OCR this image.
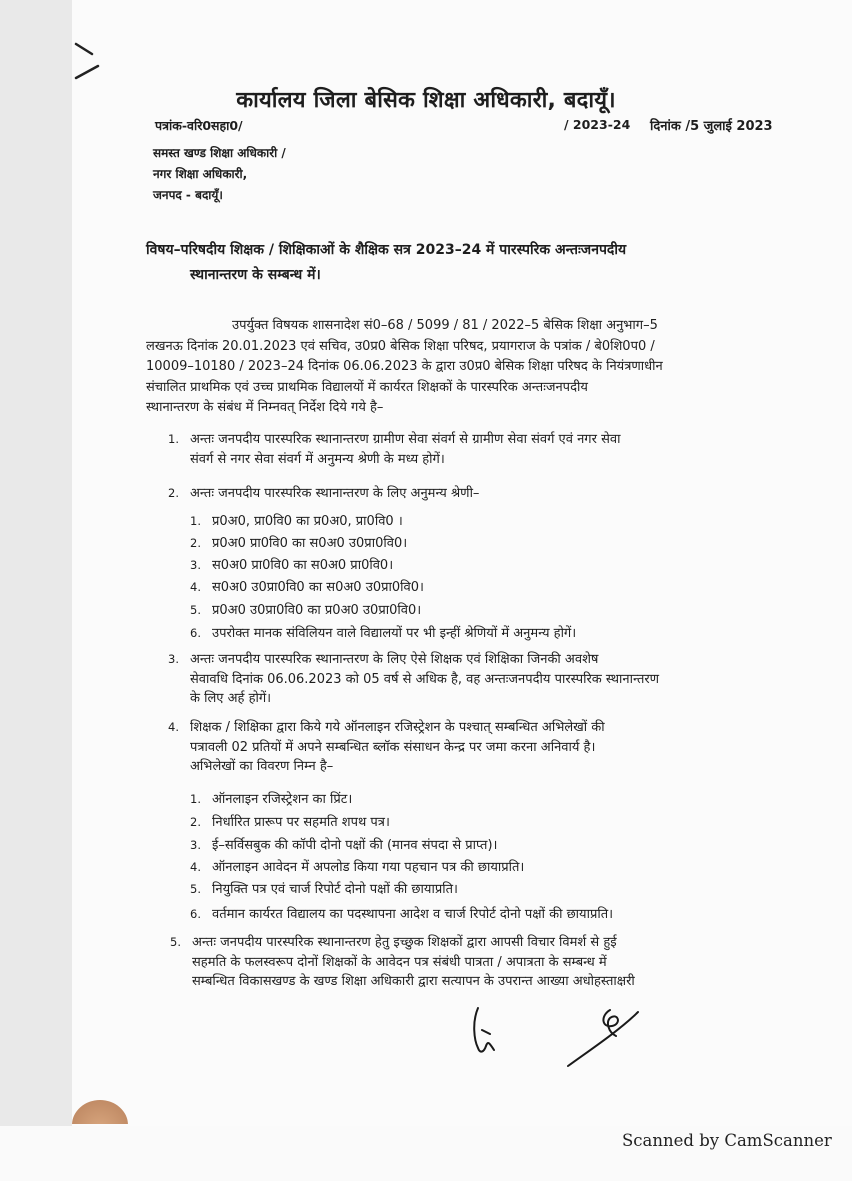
कार्यालय जिला बेसिक शिक्षा अधिकारी, बदायूँ।
पत्रांक-वरि0सहा0/	/ 2023-24 दिनांक /5 जुलाई 2023
समस्त खण्ड शिक्षा अधिकारी /
नगर शिक्षा अधिकारी,
जनपद - बदायूँ।
विषय–परिषदीय शिक्षक / शिक्षिकाओं के शैक्षिक सत्र 2023–24 में पारस्परिक अन्तःजनपदीय
स्थानान्तरण के सम्बन्ध में।
उपर्युक्त विषयक शासनादेश सं0–68 / 5099 / 81 / 2022–5 बेसिक शिक्षा अनुभाग–5
लखनऊ दिनांक 20.01.2023 एवं सचिव, उ0प्र0 बेसिक शिक्षा परिषद, प्रयागराज के पत्रांक / बे0शि0प0 /
10009–10180 / 2023–24 दिनांक 06.06.2023 के द्वारा उ0प्र0 बेसिक शिक्षा परिषद के नियंत्रणाधीन
संचालित प्राथमिक एवं उच्च प्राथमिक विद्यालयों में कार्यरत शिक्षकों के पारस्परिक अन्तःजनपदीय
स्थानान्तरण के संबंध में निम्नवत् निर्देश दिये गये है–
1. अन्तः जनपदीय पारस्परिक स्थानान्तरण ग्रामीण सेवा संवर्ग से ग्रामीण सेवा संवर्ग एवं नगर सेवा
संवर्ग से नगर सेवा संवर्ग में अनुमन्य श्रेणी के मध्य होगें।
2. अन्तः जनपदीय पारस्परिक स्थानान्तरण के लिए अनुमन्य श्रेणी–
1. प्र0अ0, प्रा0वि0 का प्र0अ0, प्रा0वि0 ।
2. प्र0अ0 प्रा0वि0 का स0अ0 उ0प्रा0वि0।
3. स0अ0 प्रा0वि0 का स0अ0 प्रा0वि0।
4. स0अ0 उ0प्रा0वि0 का स0अ0 उ0प्रा0वि0।
5. प्र0अ0 उ0प्रा0वि0 का प्र0अ0 उ0प्रा0वि0।
6. उपरोक्त मानक संविलियन वाले विद्यालयों पर भी इन्हीं श्रेणियों में अनुमन्य होगें।
3. अन्तः जनपदीय पारस्परिक स्थानान्तरण के लिए ऐसे शिक्षक एवं शिक्षिका जिनकी अवशेष
सेवावधि दिनांक 06.06.2023 को 05 वर्ष से अधिक है, वह अन्तःजनपदीय पारस्परिक स्थानान्तरण
के लिए अर्ह होगें।
4. शिक्षक / शिक्षिका द्वारा किये गये ऑनलाइन रजिस्ट्रेशन के पश्चात् सम्बन्धित अभिलेखों की
पत्रावली 02 प्रतियों में अपने सम्बन्धित ब्लॉक संसाधन केन्द्र पर जमा करना अनिवार्य है।
अभिलेखों का विवरण निम्न है–
1. ऑनलाइन रजिस्ट्रेशन का प्रिंट।
2. निर्धारित प्रारूप पर सहमति शपथ पत्र।
3. ई–सर्विसबुक की कॉपी दोनो पक्षों की (मानव संपदा से प्राप्त)।
4. ऑनलाइन आवेदन में अपलोड किया गया पहचान पत्र की छायाप्रति।
5. नियुक्ति पत्र एवं चार्ज रिपोर्ट दोनो पक्षों की छायाप्रति।
6. वर्तमान कार्यरत विद्यालय का पदस्थापना आदेश व चार्ज रिपोर्ट दोनो पक्षों की छायाप्रति।
5. अन्तः जनपदीय पारस्परिक स्थानान्तरण हेतु इच्छुक शिक्षकों द्वारा आपसी विचार विमर्श से हुई
सहमति के फलस्वरूप दोनों शिक्षकों के आवेदन पत्र संबंधी पात्रता / अपात्रता के सम्बन्ध में
सम्बन्धित विकासखण्ड के खण्ड शिक्षा अधिकारी द्वारा सत्यापन के उपरान्त आख्या अधोहस्ताक्षरी
Scanned by CamScanner
